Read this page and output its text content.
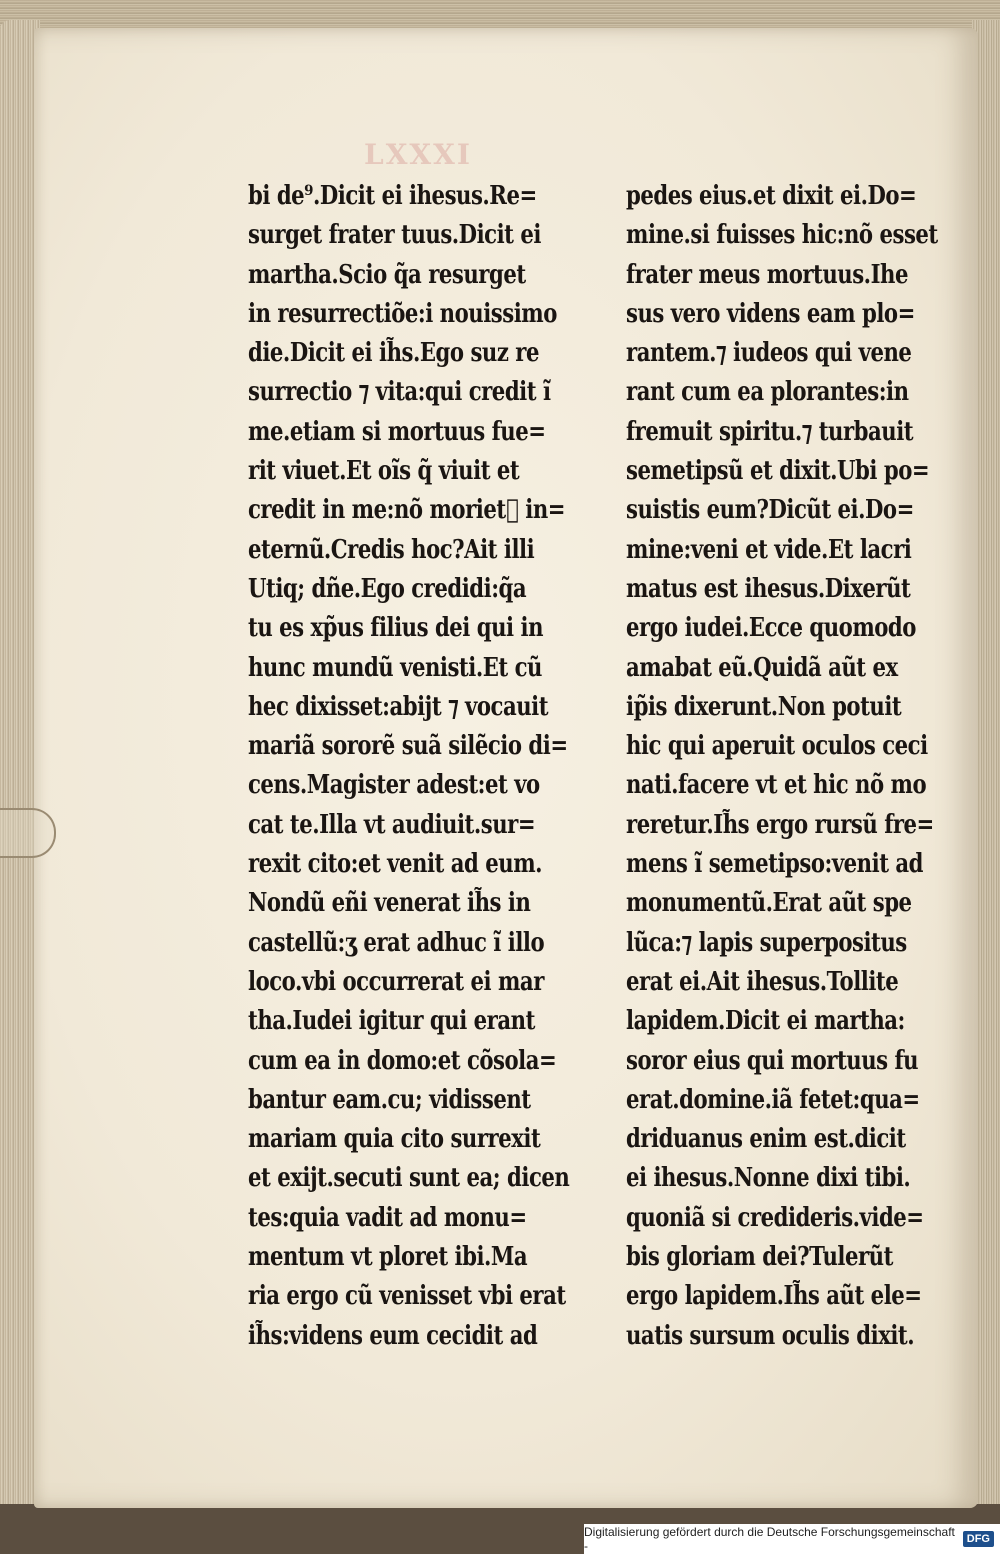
LXXXI
bi de⁹.Dicit ei ihesus.Re=
surget frater tuus.Dicit ei
martha.Scio q̃a resurget
in resurrectiõe:i nouissimo
die.Dicit ei ih̃s.Ego suz re
surrectio ⁊ vita:qui credit ĩ
me.etiam si mortuus fue=
rit viuet.Et oĩs q̃ viuit et
credit in me:nõ morietᷣ in=
eternũ.Credis hoc?Ait illi
Utiq; dñe.Ego credidi:q̃a
tu es xp̃us filius dei qui in
hunc mundũ venisti.Et cũ
hec dixisset:abijt ⁊ vocauit
mariã sororẽ suã silẽcio di=
cens.Magister adest:et vo
cat te.Illa vt audiuit.sur=
rexit cito:et venit ad eum.
Nondũ eñi venerat ih̃s in
castellũ:ʒ erat adhuc ĩ illo
loco.vbi occurrerat ei mar
tha.Iudei igitur qui erant
cum ea in domo:et cõsola=
bantur eam.cu; vidissent
mariam quia cito surrexit
et exijt.secuti sunt ea; dicen
tes:quia vadit ad monu=
mentum vt ploret ibi.Ma
ria ergo cũ venisset vbi erat
ih̃s:videns eum cecidit ad
pedes eius.et dixit ei.Do=
mine.si fuisses hic:nõ esset
frater meus mortuus.Ihe
sus vero videns eam plo=
rantem.⁊ iudeos qui vene
rant cum ea plorantes:in
fremuit spiritu.⁊ turbauit
semetipsũ et dixit.Ubi po=
suistis eum?Dicũt ei.Do=
mine:veni et vide.Et lacri
matus est ihesus.Dixerũt
ergo iudei.Ecce quomodo
amabat eũ.Quidã aũt ex
ip̃is dixerunt.Non potuit
hic qui aperuit oculos ceci
nati.facere vt et hic nõ mo
reretur.Ih̃s ergo rursũ fre=
mens ĩ semetipso:venit ad
monumentũ.Erat aũt spe
lũca:⁊ lapis superpositus
erat ei.Ait ihesus.Tollite
lapidem.Dicit ei martha:
soror eius qui mortuus fu
erat.domine.iã fetet:qua=
driduanus enim est.dicit
ei ihesus.Nonne dixi tibi.
quoniã si credideris.vide=
bis gloriam dei?Tulerũt
ergo lapidem.Ih̃s aũt ele=
uatis sursum oculis dixit.
Digitalisierung gefördert durch die Deutsche Forschungsgemeinschaft -	DFG
